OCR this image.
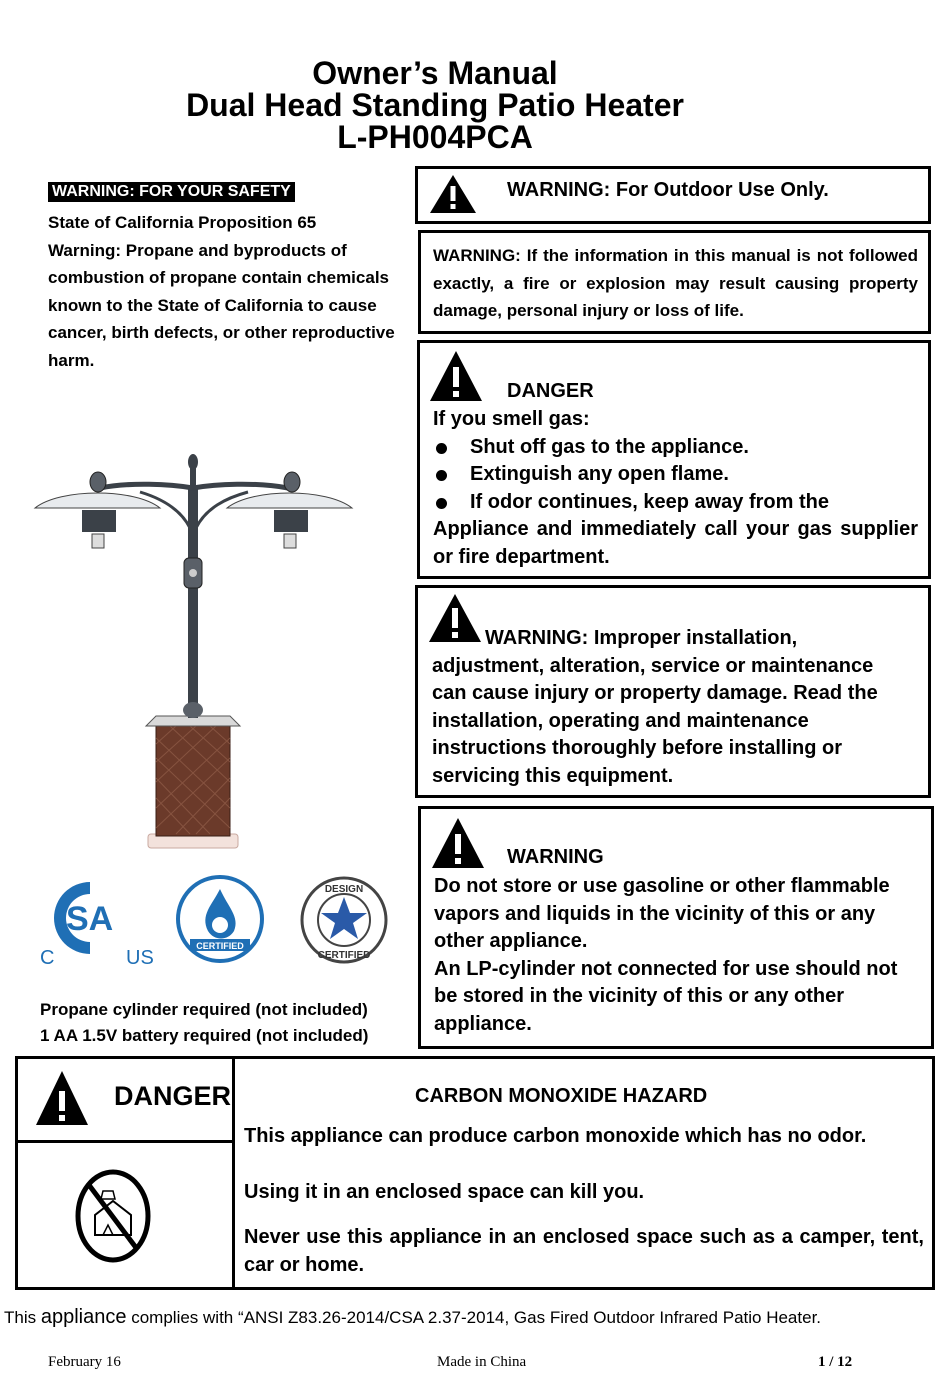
Owner’s Manual
Dual Head Standing Patio Heater
L-PH004PCA
WARNING: FOR YOUR SAFETY
State of California Proposition 65
Warning: Propane and byproducts of combustion of propane contain chemicals known to the State of California to cause cancer, birth defects, or other reproductive harm.
SA
C	US
CERTIFIED
DESIGN
CERTIFIED
Propane cylinder required (not included)
1 AA 1.5V battery required (not included)
WARNING: For Outdoor Use Only.
WARNING: If the information in this manual is not followed exactly, a fire or explosion may result causing property damage, personal injury or loss of life.
DANGER
If you smell gas:
Shut off gas to the appliance.
Extinguish any open flame.
If odor continues, keep away from the
Appliance and immediately call your gas supplier or fire department.
WARNING: Improper installation,
adjustment, alteration, service or maintenance can cause injury or property damage. Read the installation, operating and maintenance instructions thoroughly before installing or servicing this equipment.
WARNING
Do not store or use gasoline or other flammable vapors and liquids in the vicinity of this or any other appliance.
An LP-cylinder not connected for use should not be stored in the vicinity of this or any other appliance.
DANGER	CARBON MONOXIDE HAZARD
This appliance can produce carbon monoxide which has no odor.
Using it in an enclosed space can kill you.
Never use this appliance in an enclosed space such as a camper, tent, car or home.
This appliance complies with “ANSI Z83.26-2014/CSA 2.37-2014, Gas Fired Outdoor Infrared Patio Heater.
February 16	Made in China	1 / 12
